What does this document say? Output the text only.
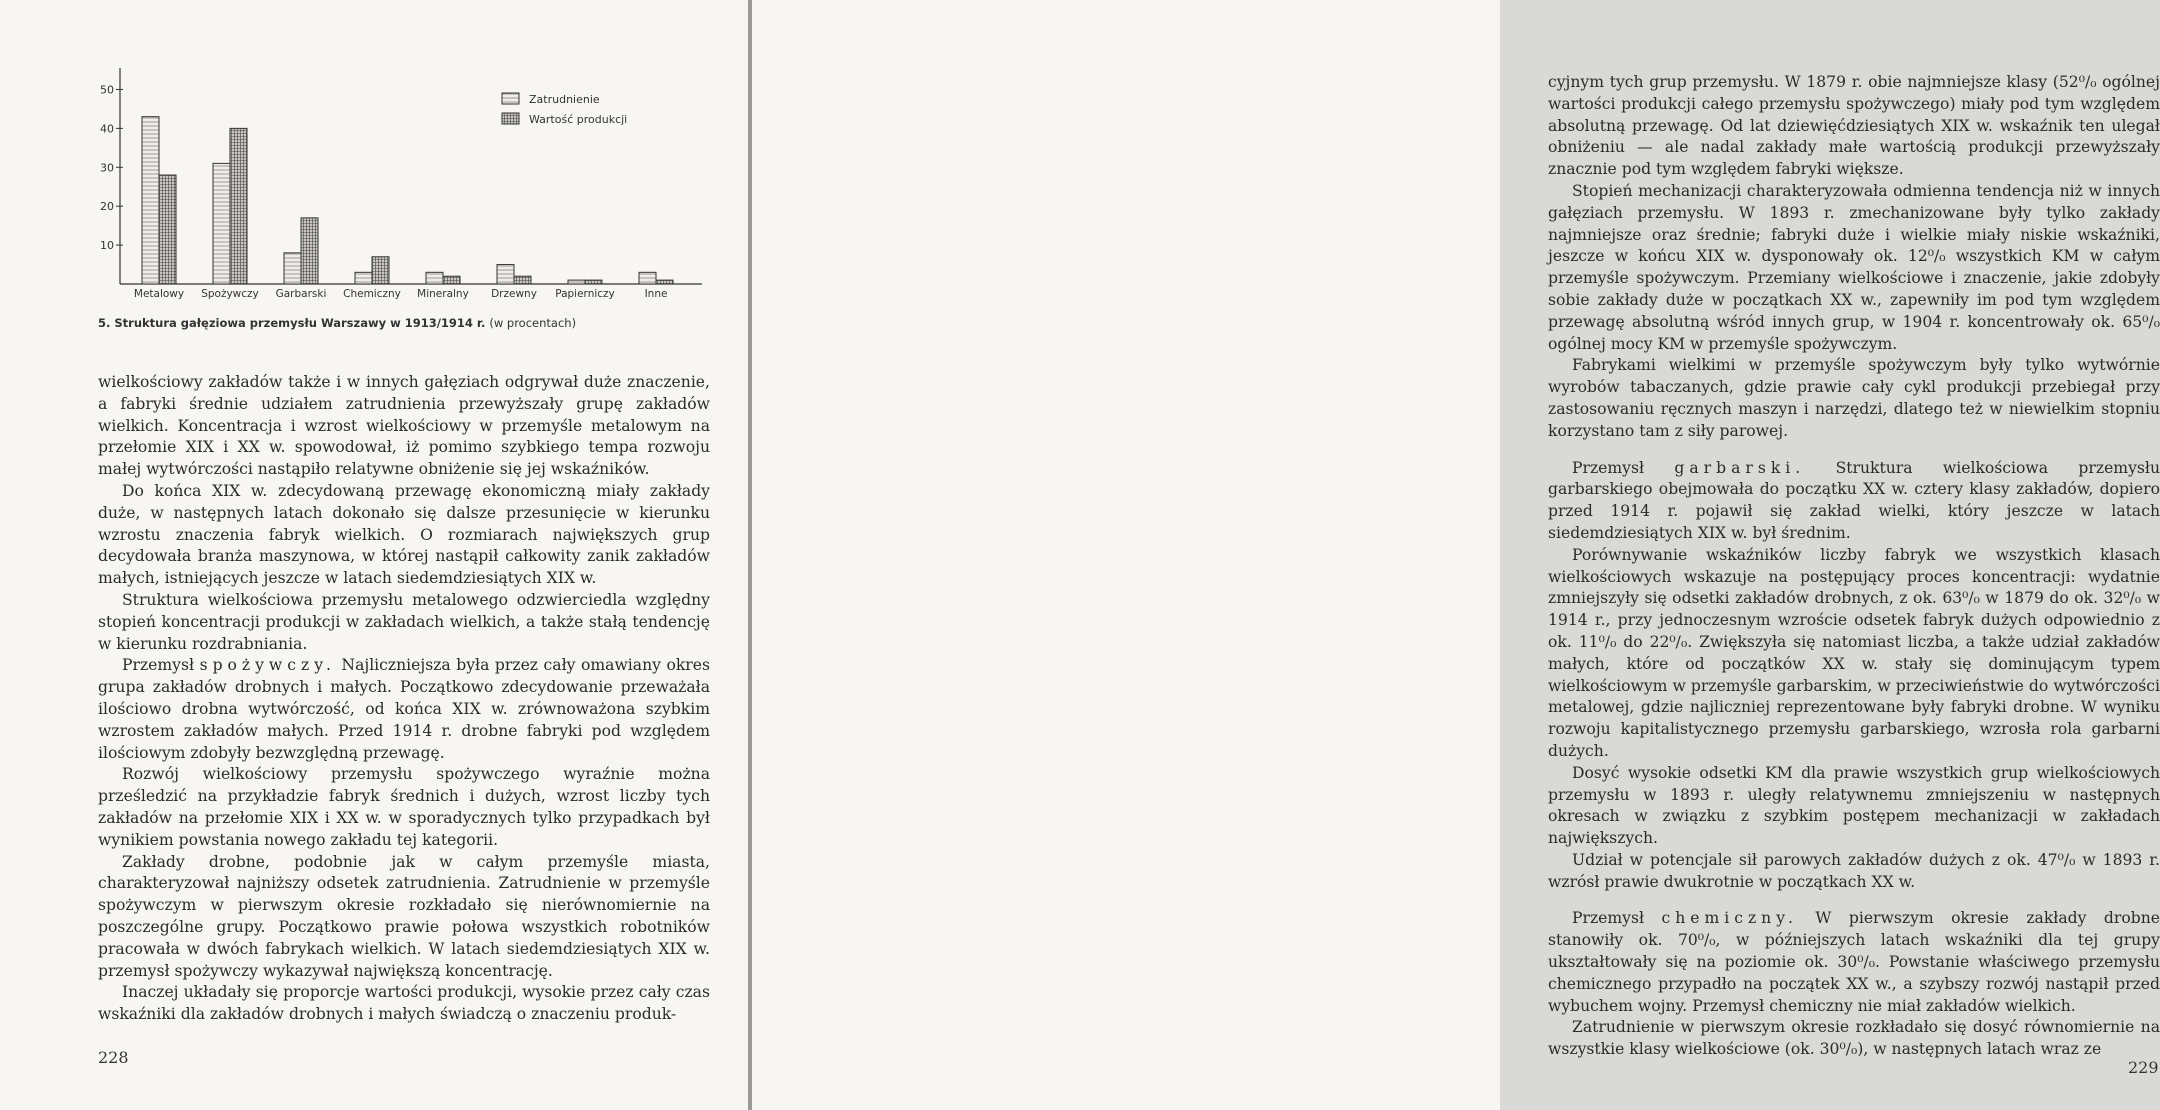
10
20
30
40
50
Metalowy Spożywczy Garbarski Chemiczny Mineralny Drzewny Papierniczy	Inne
Zatrudnienie
Wartość produkcji
5. Struktura gałęziowa przemysłu Warszawy w 1913/1914 r. (w procentach)

wielkościowy zakładów także i w innych gałęziach odgrywał duże znaczenie, a fabryki średnie udziałem zatrudnienia przewyższały grupę zakładów wielkich. Koncentracja i wzrost wielkościowy w przemyśle metalowym na przełomie XIX i XX w. spowodował, iż pomimo szybkiego tempa rozwoju małej wytwórczości nastąpiło relatywne obniżenie się jej wskaźników.

Do końca XIX w. zdecydowaną przewagę ekonomiczną miały zakłady duże, w następnych latach dokonało się dalsze przesunięcie w kierunku wzrostu znaczenia fabryk wielkich. O rozmiarach największych grup decydowała branża maszynowa, w której nastąpił całkowity zanik zakładów małych, istniejących jeszcze w latach siedemdziesiątych XIX w.

Struktura wielkościowa przemysłu metalowego odzwierciedla względny stopień koncentracji produkcji w zakładach wielkich, a także stałą tendencję w kierunku rozdrabniania.

Przemysł spożywczy. Najliczniejsza była przez cały omawiany okres grupa zakładów drobnych i małych. Początkowo zdecydowanie przeważała ilościowo drobna wytwórczość, od końca XIX w. zrównoważona szybkim wzrostem zakładów małych. Przed 1914 r. drobne fabryki pod względem ilościowym zdobyły bezwzględną przewagę.

Rozwój wielkościowy przemysłu spożywczego wyraźnie można prześledzić na przykładzie fabryk średnich i dużych, wzrost liczby tych zakładów na przełomie XIX i XX w. w sporadycznych tylko przypadkach był wynikiem powstania nowego zakładu tej kategorii.

Zakłady drobne, podobnie jak w całym przemyśle miasta, charakteryzował najniższy odsetek zatrudnienia. Zatrudnienie w przemyśle spożywczym w pierwszym okresie rozkładało się nierównomiernie na poszczególne grupy. Początkowo prawie połowa wszystkich robotników pracowała w dwóch fabrykach wielkich. W latach siedemdziesiątych XIX w. przemysł spożywczy wykazywał największą koncentrację.

Inaczej układały się proporcje wartości produkcji, wysokie przez cały czas wskaźniki dla zakładów drobnych i małych świadczą o znaczeniu produk-

228

cyjnym tych grup przemysłu. W 1879 r. obie najmniejsze klasy (52⁰/₀ ogólnej wartości produkcji całego przemysłu spożywczego) miały pod tym względem absolutną przewagę. Od lat dziewięćdziesiątych XIX w. wskaźnik ten ulegał obniżeniu — ale nadal zakłady małe wartością produkcji przewyższały znacznie pod tym względem fabryki większe.

Stopień mechanizacji charakteryzowała odmienna tendencja niż w innych gałęziach przemysłu. W 1893 r. zmechanizowane były tylko zakłady najmniejsze oraz średnie; fabryki duże i wielkie miały niskie wskaźniki, jeszcze w końcu XIX w. dysponowały ok. 12⁰/₀ wszystkich KM w całym przemyśle spożywczym. Przemiany wielkościowe i znaczenie, jakie zdobyły sobie zakłady duże w początkach XX w., zapewniły im pod tym względem przewagę absolutną wśród innych grup, w 1904 r. koncentrowały ok. 65⁰/₀ ogólnej mocy KM w przemyśle spożywczym.

Fabrykami wielkimi w przemyśle spożywczym były tylko wytwórnie wyrobów tabaczanych, gdzie prawie cały cykl produkcji przebiegał przy zastosowaniu ręcznych maszyn i narzędzi, dlatego też w niewielkim stopniu korzystano tam z siły parowej.

Przemysł garbarski. Struktura wielkościowa przemysłu garbarskiego obejmowała do początku XX w. cztery klasy zakładów, dopiero przed 1914 r. pojawił się zakład wielki, który jeszcze w latach siedemdziesiątych XIX w. był średnim.

Porównywanie wskaźników liczby fabryk we wszystkich klasach wielkościowych wskazuje na postępujący proces koncentracji: wydatnie zmniejszyły się odsetki zakładów drobnych, z ok. 63⁰/₀ w 1879 do ok. 32⁰/₀ w 1914 r., przy jednoczesnym wzroście odsetek fabryk dużych odpowiednio z ok. 11⁰/₀ do 22⁰/₀. Zwiększyła się natomiast liczba, a także udział zakładów małych, które od początków XX w. stały się dominującym typem wielkościowym w przemyśle garbarskim, w przeciwieństwie do wytwórczości metalowej, gdzie najliczniej reprezentowane były fabryki drobne. W wyniku rozwoju kapitalistycznego przemysłu garbarskiego, wzrosła rola garbarni dużych.

Dosyć wysokie odsetki KM dla prawie wszystkich grup wielkościowych przemysłu w 1893 r. uległy relatywnemu zmniejszeniu w następnych okresach w związku z szybkim postępem mechanizacji w zakładach największych.

Udział w potencjale sił parowych zakładów dużych z ok. 47⁰/₀ w 1893 r. wzrósł prawie dwukrotnie w początkach XX w.

Przemysł chemiczny. W pierwszym okresie zakłady drobne stanowiły ok. 70⁰/₀, w późniejszych latach wskaźniki dla tej grupy ukształtowały się na poziomie ok. 30⁰/₀. Powstanie właściwego przemysłu chemicznego przypadło na początek XX w., a szybszy rozwój nastąpił przed wybuchem wojny. Przemysł chemiczny nie miał zakładów wielkich.

Zatrudnienie w pierwszym okresie rozkładało się dosyć równomiernie na wszystkie klasy wielkościowe (ok. 30⁰/₀), w następnych latach wraz ze

229
